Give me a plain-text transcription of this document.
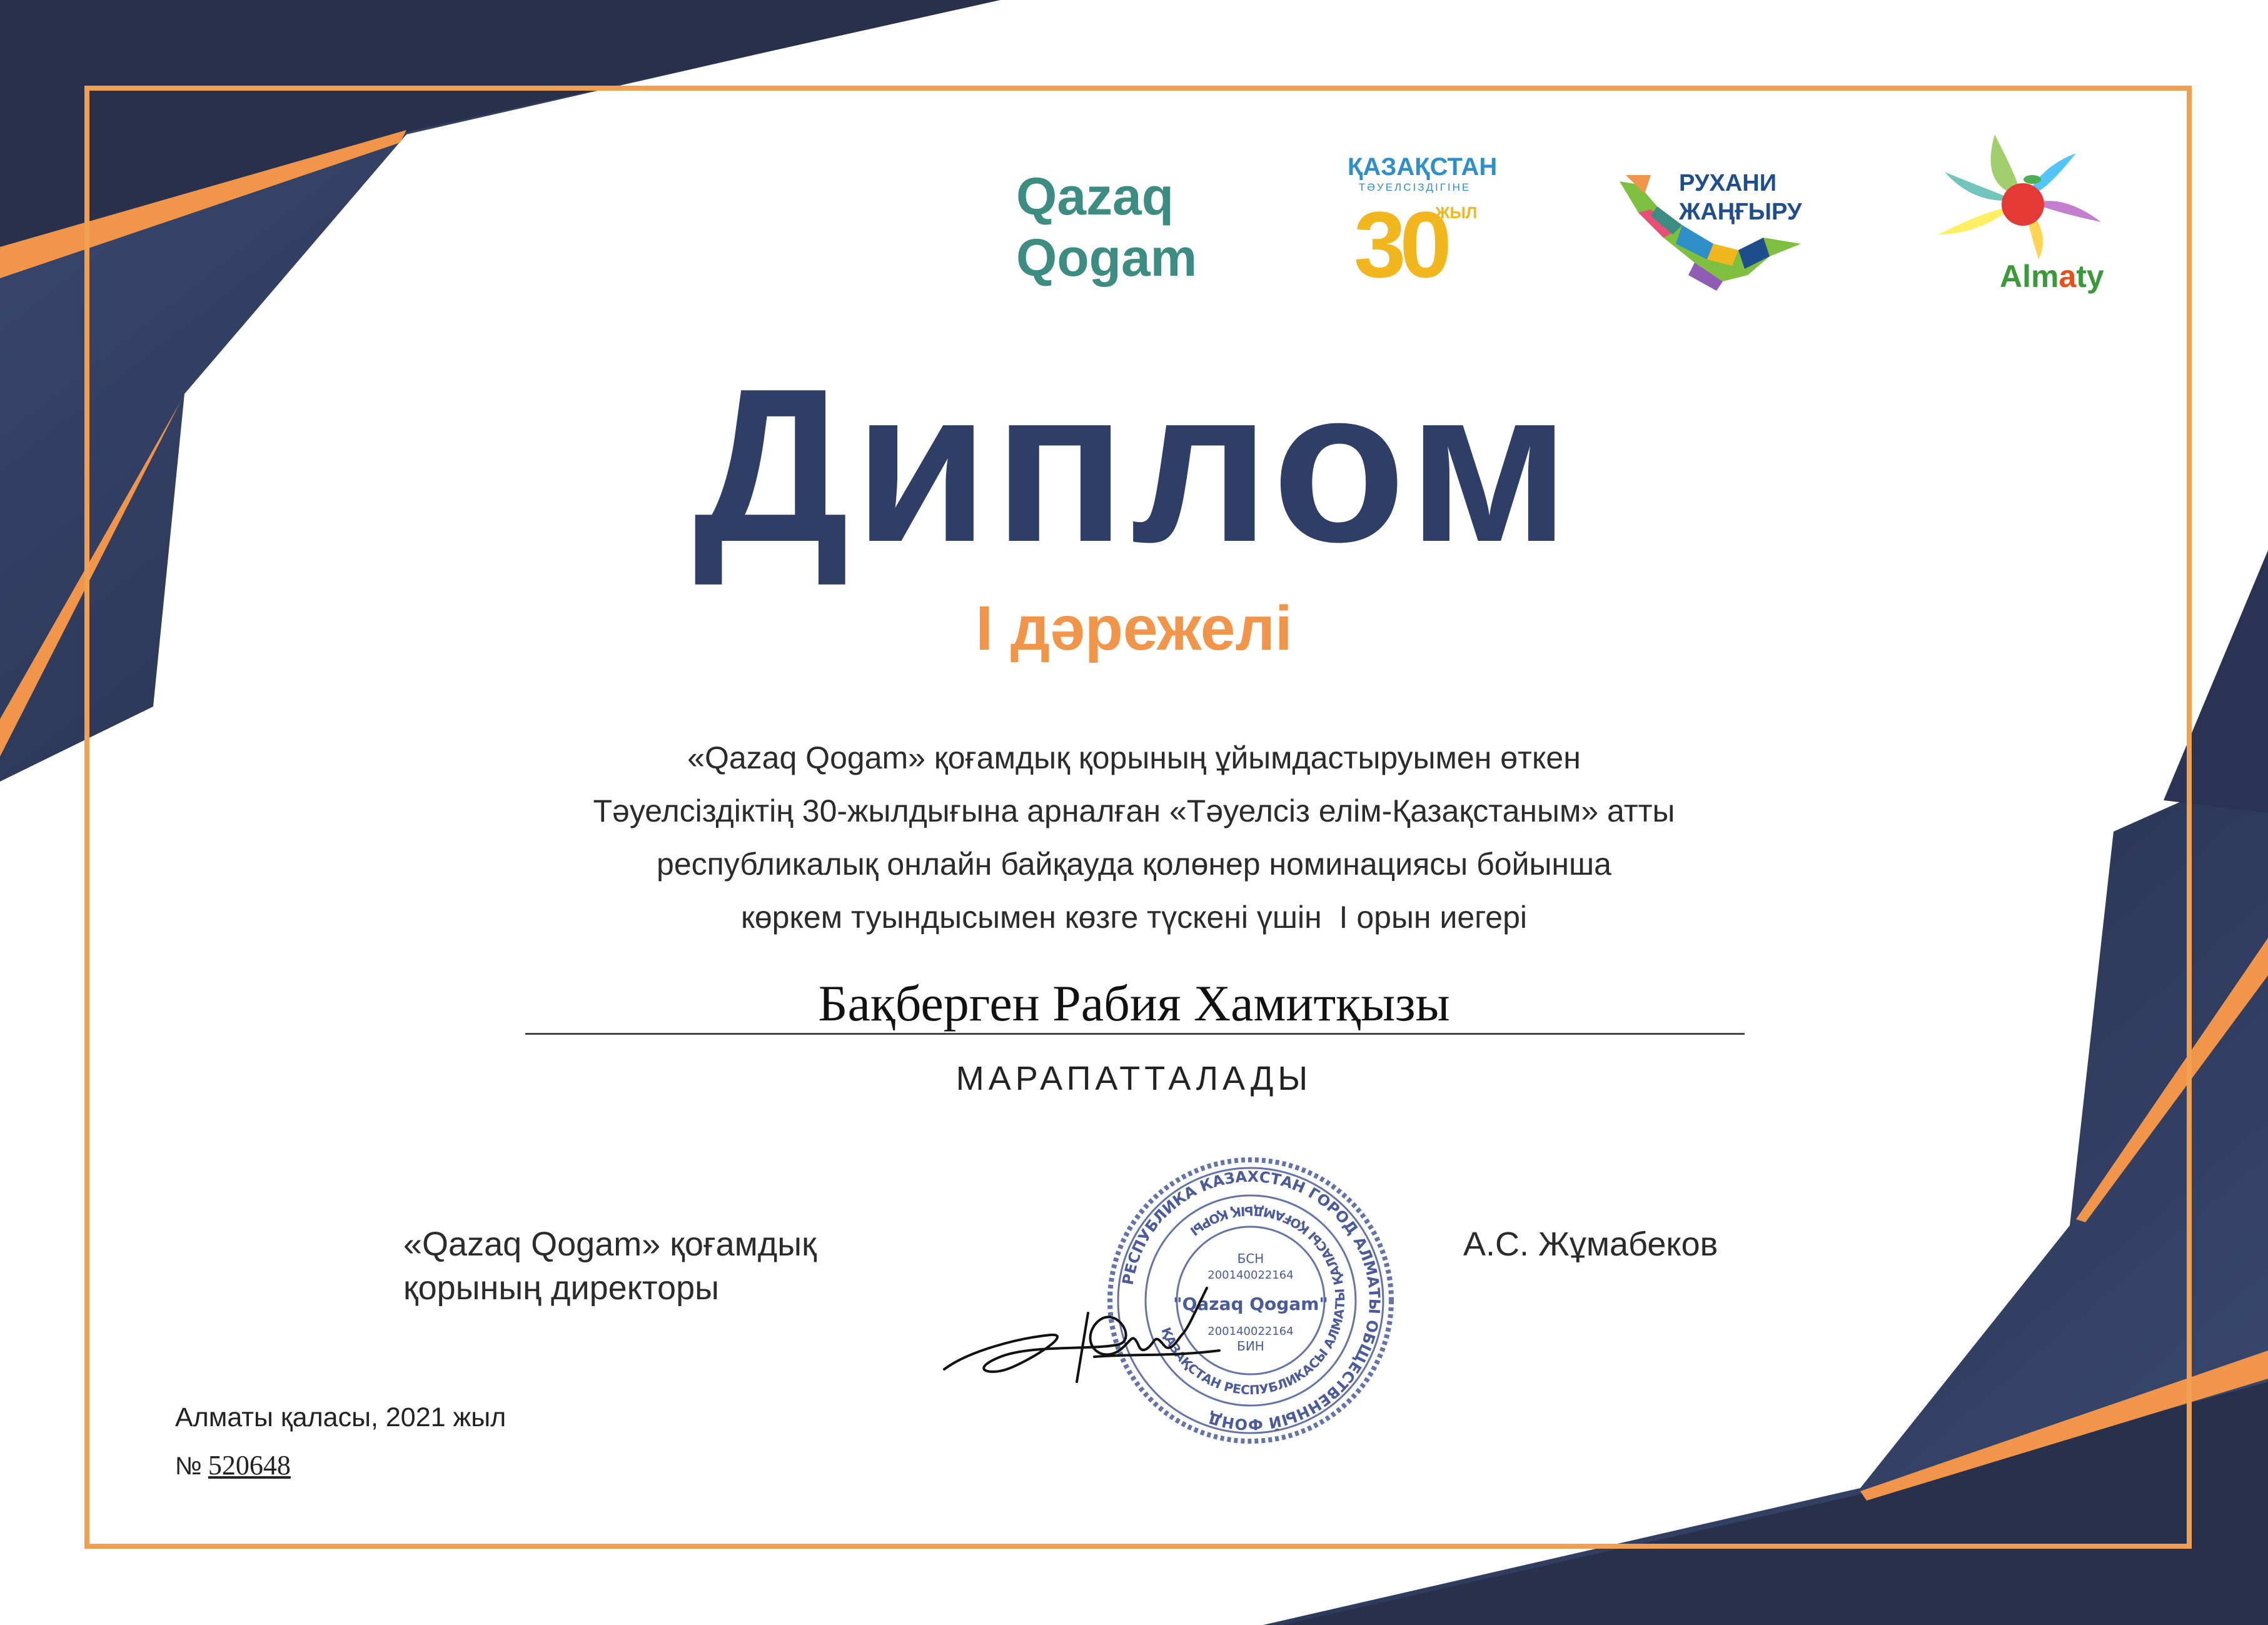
Qazaq
Qogam
ҚАЗАҚСТАН
ТӘУЕЛСІЗДІГІНЕ
30
ЖЫЛ
РУХАНИ
ЖАҢҒЫРУ
Almaty
Диплом
I дәрежелі
«Qazaq Qogam» қоғамдық қорының ұйымдастыруымен өткен
Тәуелсіздіктің 30-жылдығына арналған «Тәуелсіз елім-Қазақстаным» атты
республикалық онлайн байқауда қолөнер номинациясы бойынша
көркем туындысымен көзге түскені үшін  I орын иегері
Бақберген Рабия Хамитқызы
МАРАПАТТАЛАДЫ
«Qazaq Qogam» қоғамдық
қорының директоры
А.С. Жұмабеков
РЕСПУБЛИКА КАЗАХСТАН ГОРОД АЛМАТЫ ОБЩЕСТВЕННЫЙ ФОНД
ҚАЗАҚСТАН РЕСПУБЛИКАСЫ АЛМАТЫ ҚАЛАСЫ ҚОҒАМДЫҚ ҚОРЫ
БСН
200140022164
"Qazaq Qogam"
200140022164
БИН
Алматы қаласы, 2021 жыл
№ 520648
